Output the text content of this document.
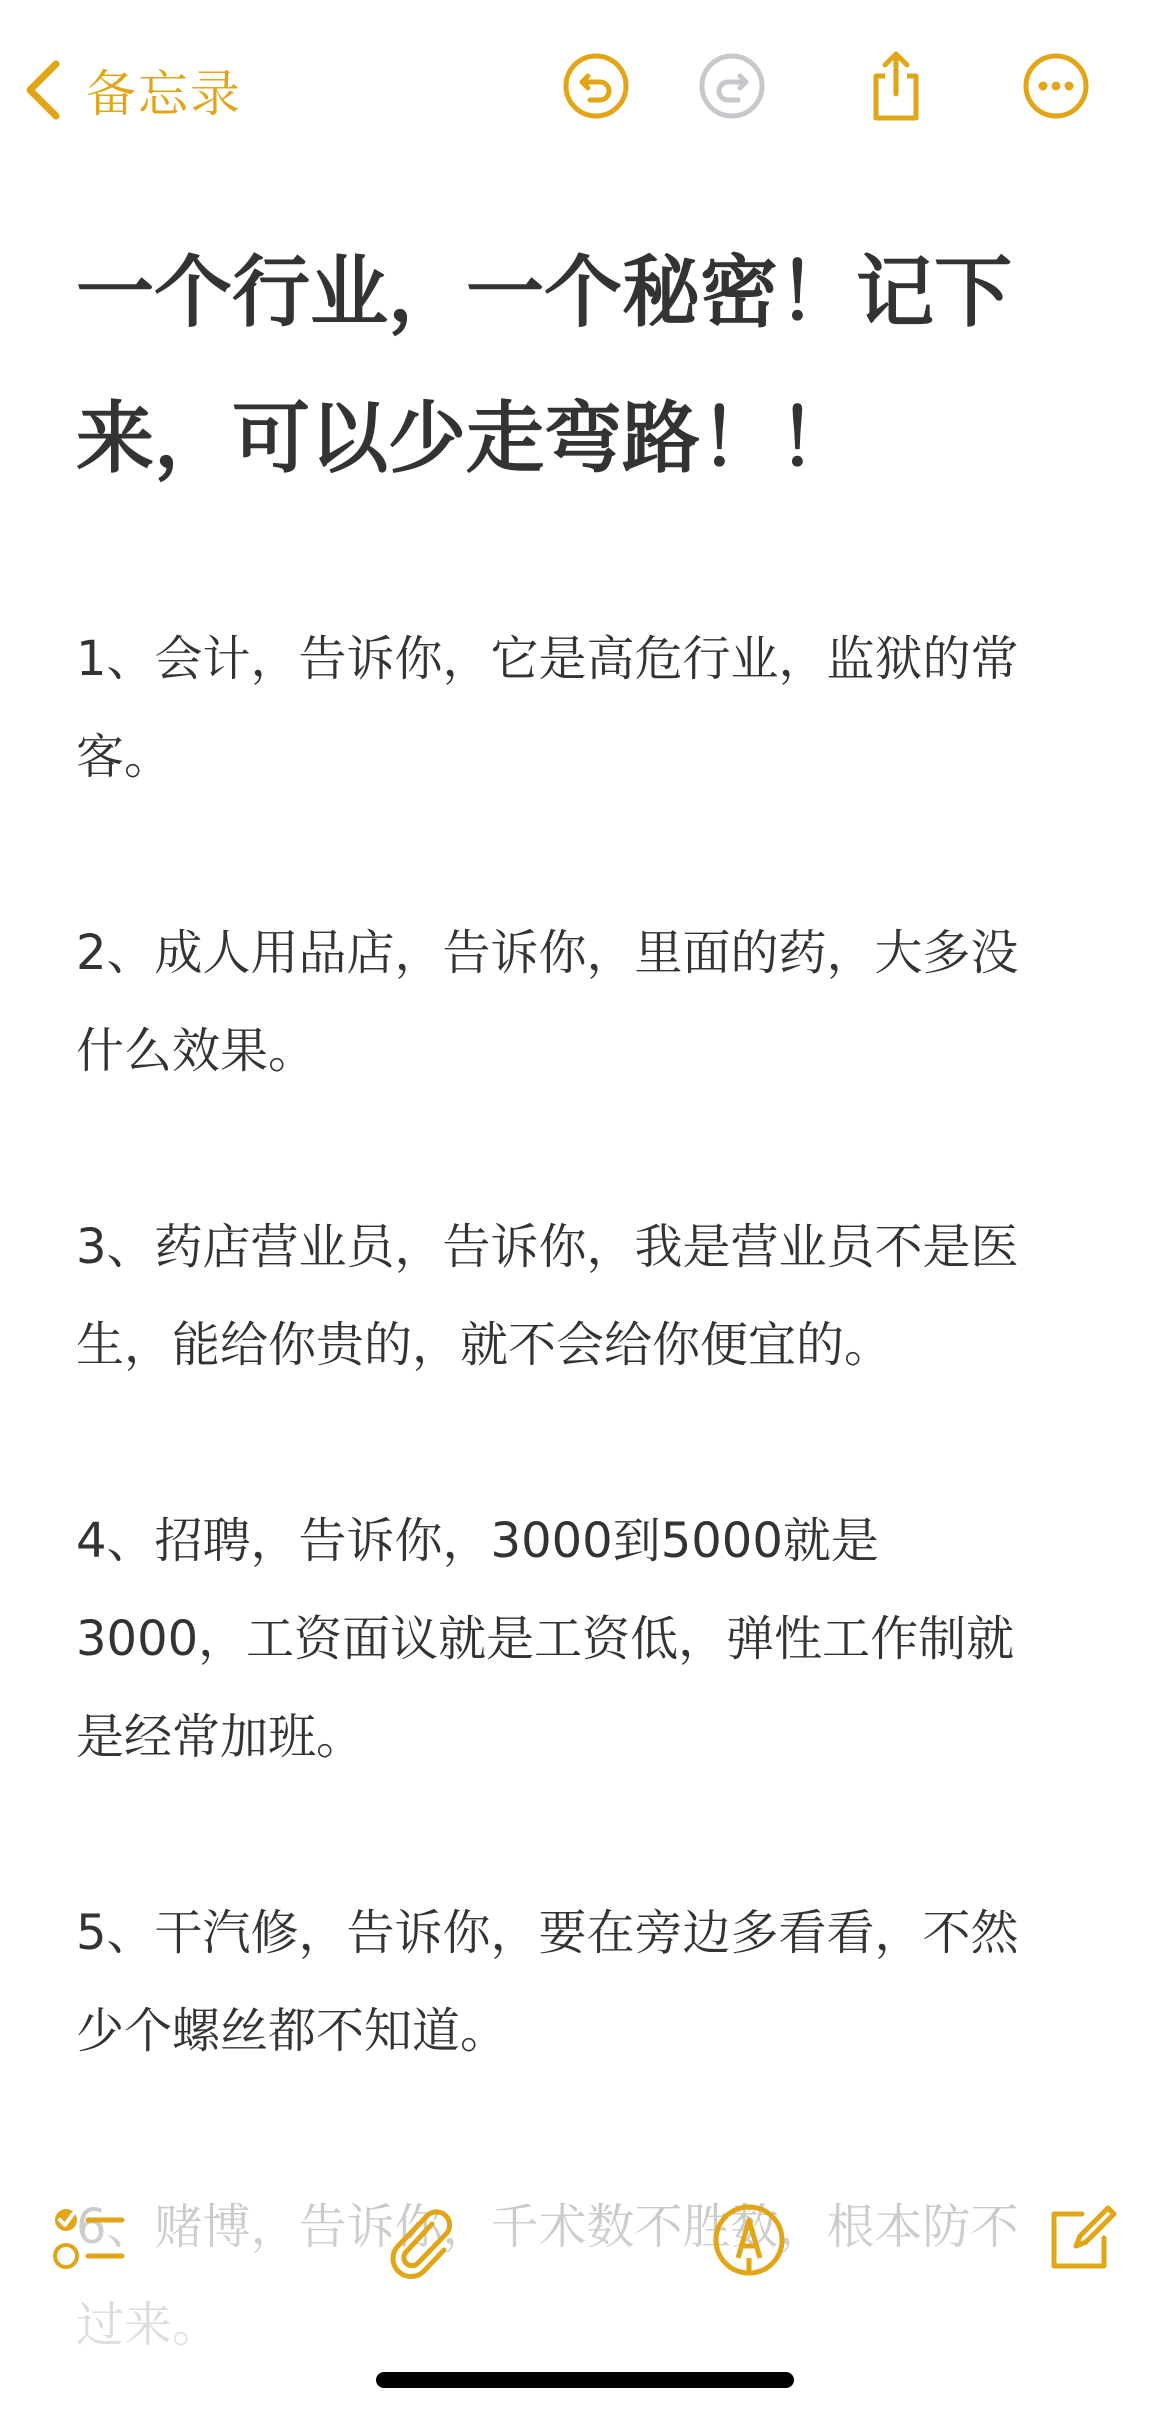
备忘录
一个行业，一个秘密！记下
来，可以少走弯路！！
1、会计，告诉你，它是高危行业，监狱的常
客。
2、成人用品店，告诉你，里面的药，大多没
什么效果。
3、药店营业员，告诉你，我是营业员不是医
生，能给你贵的，就不会给你便宜的。
4、招聘，告诉你，3000到5000就是
3000，工资面议就是工资低，弹性工作制就
是经常加班。
5、干汽修，告诉你，要在旁边多看看，不然
少个螺丝都不知道。
